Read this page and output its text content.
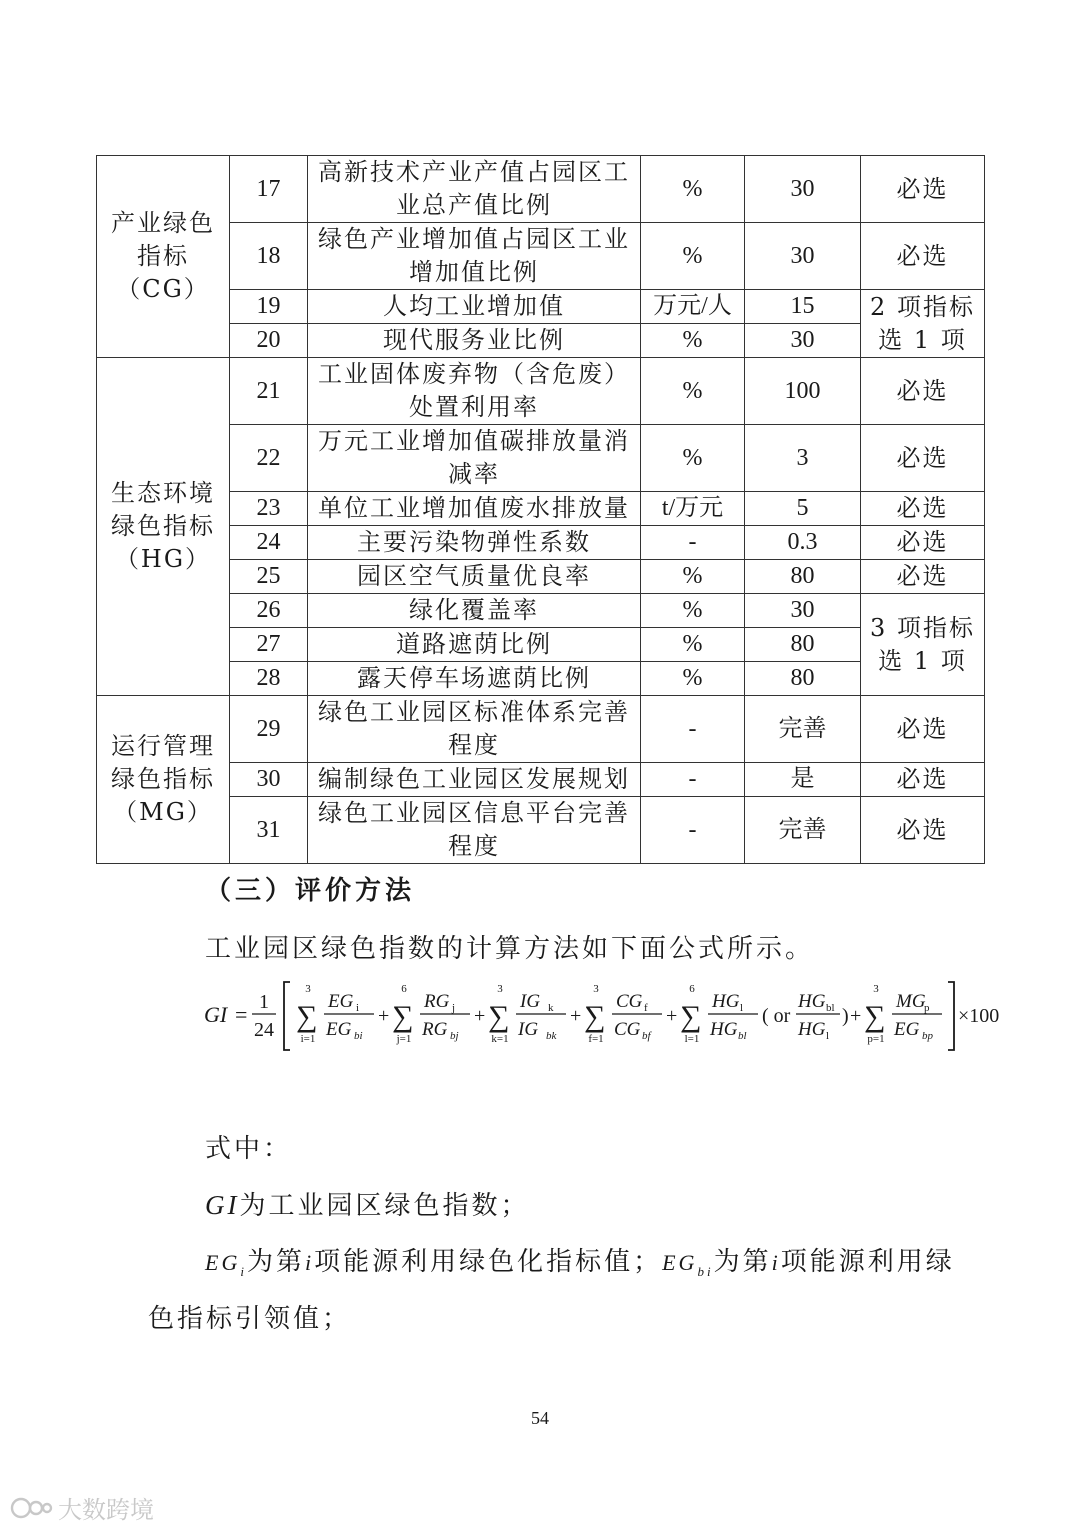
产业绿色
指标
（CG）	17	高新技术产业产值占园区工
业总产值比例	%	30	必选

	18	绿色产业增加值占园区工业
增加值比例	%	30	必选

	19	人均工业增加值	万元/人	15	2 项指标
选 1 项

	20	现代服务业比例	%	30	

生态环境
绿色指标
（HG）	21	工业固体废弃物（含危废）
处置利用率	%	100	必选

	22	万元工业增加值碳排放量消
减率	%	3	必选

	23	单位工业增加值废水排放量	t/万元	5	必选

	24	主要污染物弹性系数	-	0.3	必选

	25	园区空气质量优良率	%	80	必选

	26	绿化覆盖率	%	30	3 项指标
选 1 项

	27	道路遮荫比例	%	80	
	28	露天停车场遮荫比例	%	80	

运行管理
绿色指标
（MG）	29	绿色工业园区标准体系完善
程度	-	完善	必选

	30	编制绿色工业园区发展规划	-	是	必选

	31	绿色工业园区信息平台完善
程度	-	完善	必选
（三）评价方法
工业园区绿色指数的计算方法如下面公式所示。
GI = 1
24
3
∑
i=1
EG i
EG bi
+
6
∑
j=1
RG j
RG bj
+
3
∑
k=1
IG k
IG bk
+
3
∑
f=1
CG f
CG bf
+
6
∑
l=1
HG l
HG bl
( or
HG bl
HG l
) +
3
∑
p=1
MG
p
EG bp
×100
式中：
GI为工业园区绿色指数；
$EG_i$为第i项能源利用绿色化指标值；$EG_{bi}$为第i项能源利用绿
色指标引领值；
54
大数跨境
